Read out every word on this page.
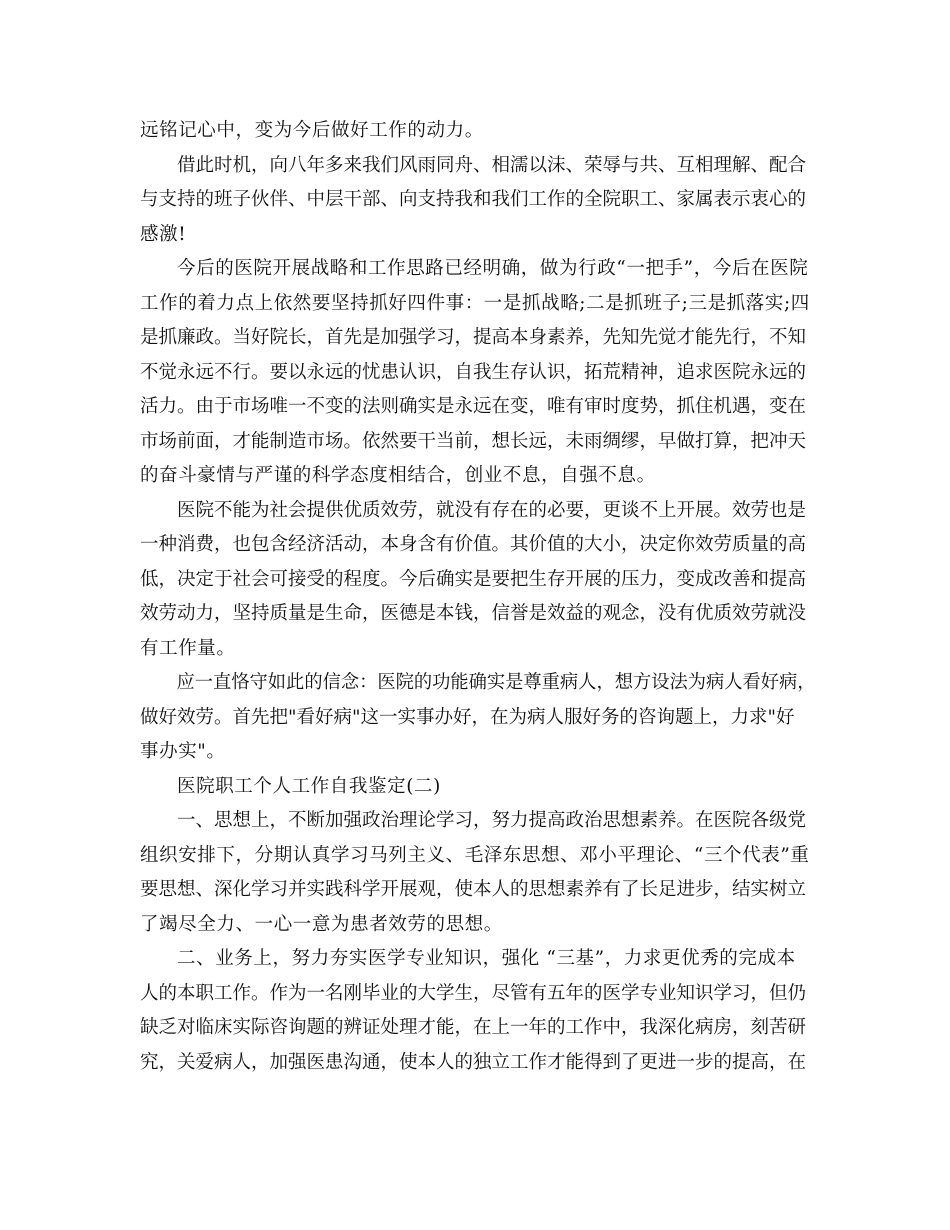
远铭记心中，变为今后做好工作的动力。
借此时机，向八年多来我们风雨同舟、相濡以沫、荣辱与共、互相理解、配合
与支持的班子伙伴、中层干部、向支持我和我们工作的全院职工、家属表示衷心的
感激!
今后的医院开展战略和工作思路已经明确，做为行政“一把手”，今后在医院
工作的着力点上依然要坚持抓好四件事：一是抓战略;二是抓班子;三是抓落实;四
是抓廉政。当好院长，首先是加强学习，提高本身素养，先知先觉才能先行，不知
不觉永远不行。要以永远的忧患认识，自我生存认识，拓荒精神，追求医院永远的
活力。由于市场唯一不变的法则确实是永远在变，唯有审时度势，抓住机遇，变在
市场前面，才能制造市场。依然要干当前，想长远，未雨绸缪，早做打算，把冲天
的奋斗豪情与严谨的科学态度相结合，创业不息，自强不息。
医院不能为社会提供优质效劳，就没有存在的必要，更谈不上开展。效劳也是
一种消费，也包含经济活动，本身含有价值。其价值的大小，决定你效劳质量的高
低，决定于社会可接受的程度。今后确实是要把生存开展的压力，变成改善和提高
效劳动力，坚持质量是生命，医德是本钱，信誉是效益的观念，没有优质效劳就没
有工作量。
应一直恪守如此的信念：医院的功能确实是尊重病人，想方设法为病人看好病，
做好效劳。首先把"看好病"这一实事办好，在为病人服好务的咨询题上，力求"好
事办实"。
医院职工个人工作自我鉴定(二)
一、思想上，不断加强政治理论学习，努力提高政治思想素养。在医院各级党
组织安排下，分期认真学习马列主义、毛泽东思想、邓小平理论、“三个代表”重
要思想、深化学习并实践科学开展观，使本人的思想素养有了长足进步，结实树立
了竭尽全力、一心一意为患者效劳的思想。
二、业务上，努力夯实医学专业知识，强化 “三基”，力求更优秀的完成本
人的本职工作。作为一名刚毕业的大学生，尽管有五年的医学专业知识学习，但仍
缺乏对临床实际咨询题的辨证处理才能，在上一年的工作中，我深化病房，刻苦研
究，关爱病人，加强医患沟通，使本人的独立工作才能得到了更进一步的提高，在
